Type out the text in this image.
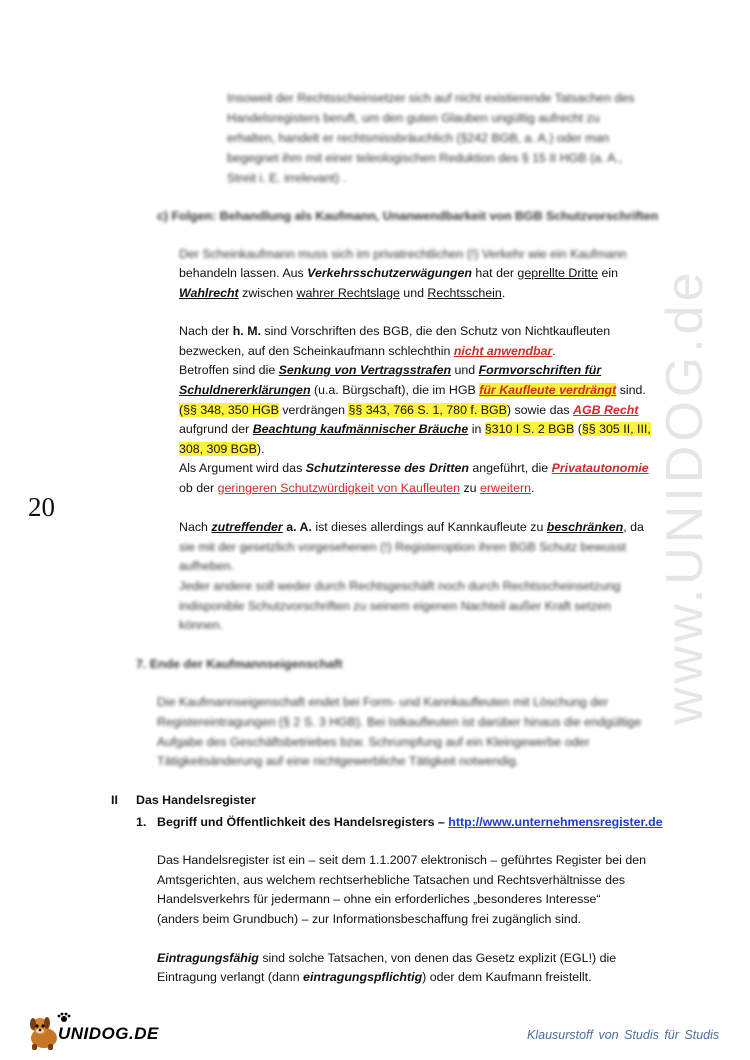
www.UNIDOG.de
20
Insoweit der Rechtsscheinsetzer sich auf nicht existierende Tatsachen des
Handelsregisters beruft, um den guten Glauben ungültig aufrecht zu
erhalten, handelt er rechtsmissbräuchlich (§242 BGB, a. A.) oder man
begegnet ihm mit einer teleologischen Reduktion des § 15 II HGB (a. A.,
Streit i. E. irrelevant) .
c) Folgen: Behandlung als Kaufmann, Unanwendbarkeit von BGB Schutzvorschriften
Der Scheinkaufmann muss sich im privatrechtlichen (!) Verkehr wie ein Kaufmann
behandeln lassen. Aus Verkehrsschutzerwägungen hat der geprellte Dritte ein
Wahlrecht zwischen wahrer Rechtslage und Rechtsschein.
Nach der h. M. sind Vorschriften des BGB, die den Schutz von Nichtkaufleuten
bezwecken, auf den Scheinkaufmann schlechthin nicht anwendbar.
Betroffen sind die Senkung von Vertragsstrafen und Formvorschriften für
Schuldnererklärungen (u.a. Bürgschaft), die im HGB für Kaufleute verdrängt sind.
(§§ 348, 350 HGB verdrängen §§ 343, 766 S. 1, 780 f. BGB) sowie das AGB Recht
aufgrund der Beachtung kaufmännischer Bräuche in §310 I S. 2 BGB (§§ 305 II, III,
308, 309 BGB).
Als Argument wird das Schutzinteresse des Dritten angeführt, die Privatautonomie
ob der geringeren Schutzwürdigkeit von Kaufleuten zu erweitern.
Nach zutreffender a. A. ist dieses allerdings auf Kannkaufleute zu beschränken, da
sie mit der gesetzlich vorgesehenen (!) Registeroption ihren BGB Schutz bewusst
aufheben.
Jeder andere soll weder durch Rechtsgeschäft noch durch Rechtsscheinsetzung
indisponible Schutzvorschriften zu seinem eigenen Nachteil außer Kraft setzen
können.
7. Ende der Kaufmannseigenschaft
Die Kaufmannseigenschaft endet bei Form- und Kannkaufleuten mit Löschung der
Registereintragungen (§ 2 S. 3 HGB). Bei Istkaufleuten ist darüber hinaus die endgültige
Aufgabe des Geschäftsbetriebes bzw. Schrumpfung auf ein Kleingewerbe oder
Tätigkeitsänderung auf eine nichtgewerbliche Tätigkeit notwendig.
II Das Handelsregister
1. Begriff und Öffentlichkeit des Handelsregisters – http://www.unternehmensregister.de
Das Handelsregister ist ein – seit dem 1.1.2007 elektronisch – geführtes Register bei den
Amtsgerichten, aus welchem rechtserhebliche Tatsachen und Rechtsverhältnisse des
Handelsverkehrs für jedermann – ohne ein erforderliches „besonderes Interesse“
(anders beim Grundbuch) – zur Informationsbeschaffung frei zugänglich sind.
Eintragungsfähig sind solche Tatsachen, von denen das Gesetz explizit (EGL!) die
Eintragung verlangt (dann eintragungspflichtig) oder dem Kaufmann freistellt.
UNIDOG.DE	Klausurstoff von Studis für Studis
